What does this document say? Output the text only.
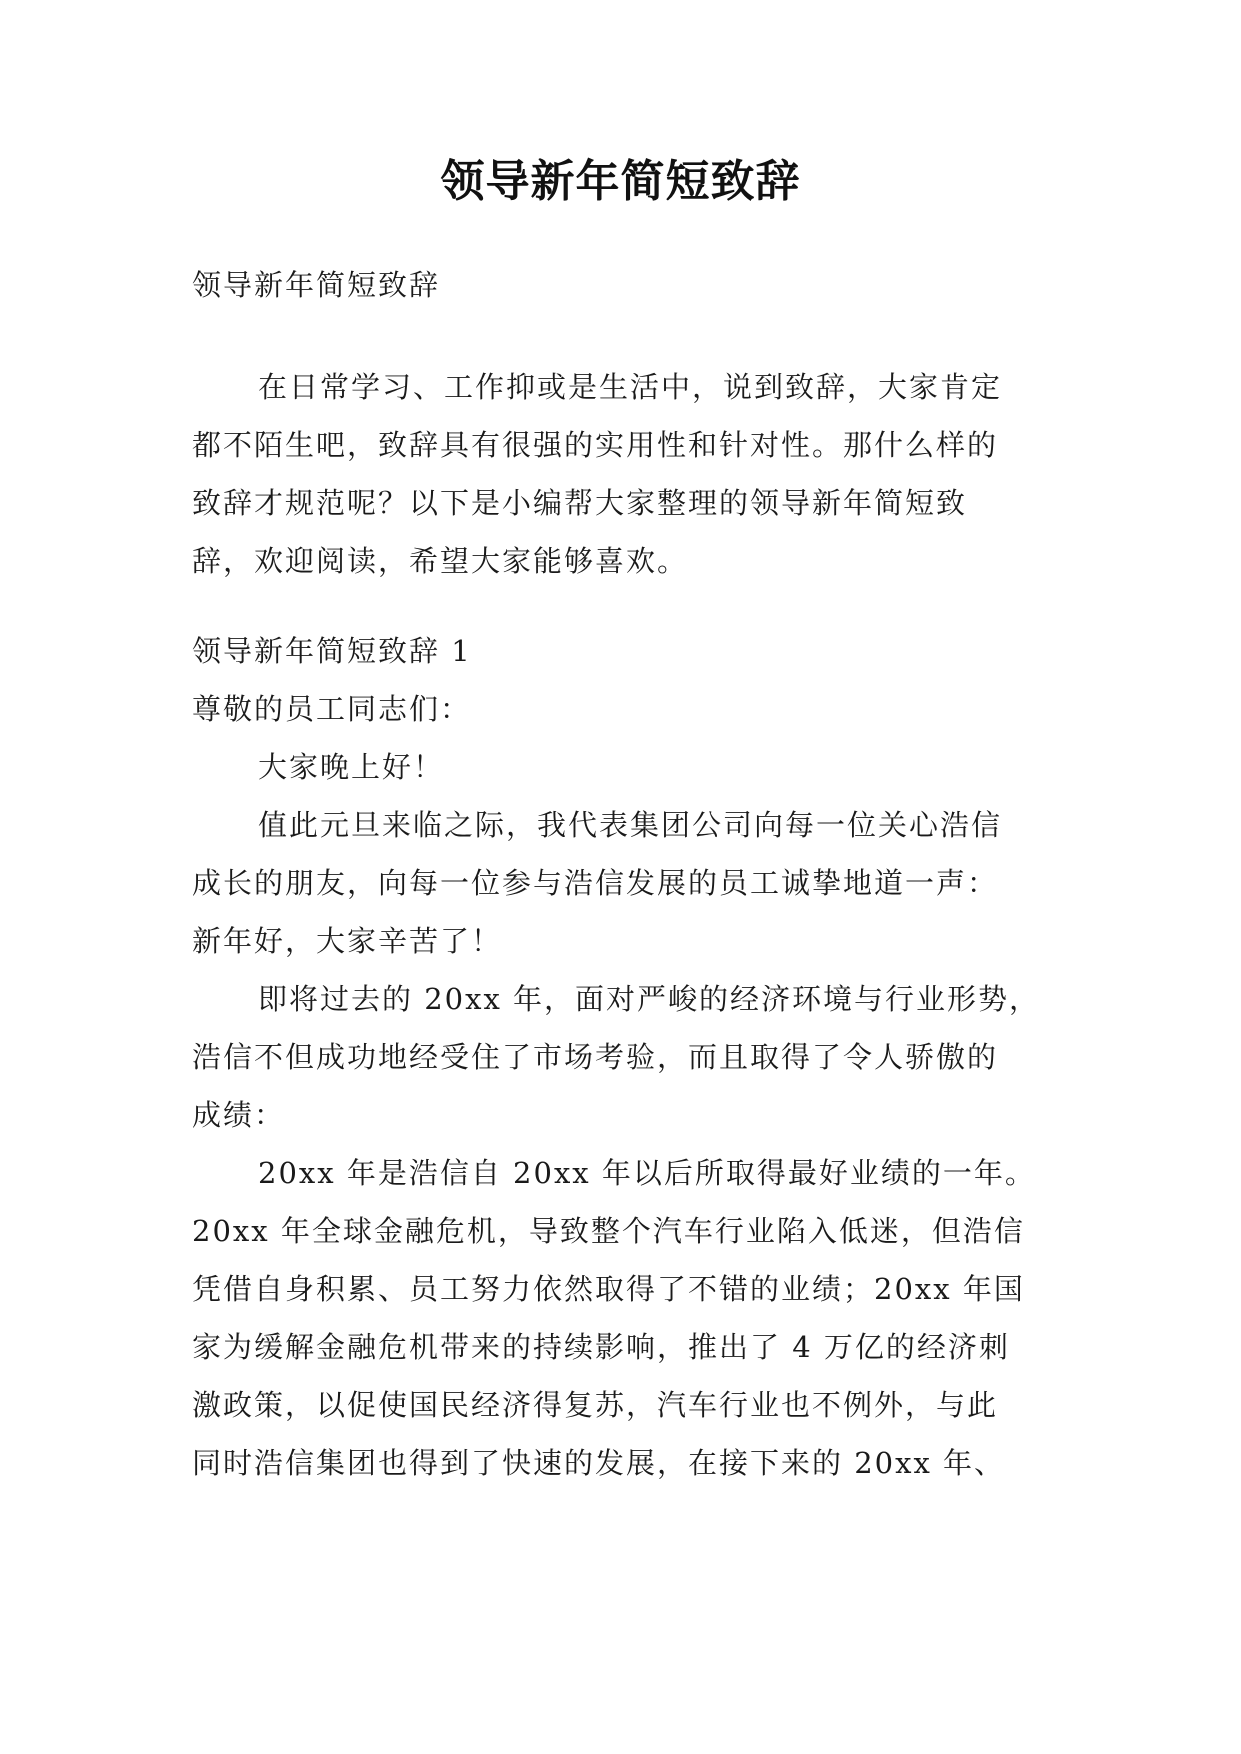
领导新年简短致辞
领导新年简短致辞
在日常学习、工作抑或是生活中，说到致辞，大家肯定
都不陌生吧，致辞具有很强的实用性和针对性。那什么样的
致辞才规范呢？以下是小编帮大家整理的领导新年简短致
辞，欢迎阅读，希望大家能够喜欢。
领导新年简短致辞 1
尊敬的员工同志们：
大家晚上好！
值此元旦来临之际，我代表集团公司向每一位关心浩信
成长的朋友，向每一位参与浩信发展的员工诚挚地道一声：
新年好，大家辛苦了！
即将过去的 20xx 年，面对严峻的经济环境与行业形势，
浩信不但成功地经受住了市场考验，而且取得了令人骄傲的
成绩：
20xx 年是浩信自 20xx 年以后所取得最好业绩的一年。
20xx 年全球金融危机，导致整个汽车行业陷入低迷，但浩信
凭借自身积累、员工努力依然取得了不错的业绩；20xx 年国
家为缓解金融危机带来的持续影响，推出了 4 万亿的经济刺
激政策，以促使国民经济得复苏，汽车行业也不例外，与此
同时浩信集团也得到了快速的发展，在接下来的 20xx 年、
